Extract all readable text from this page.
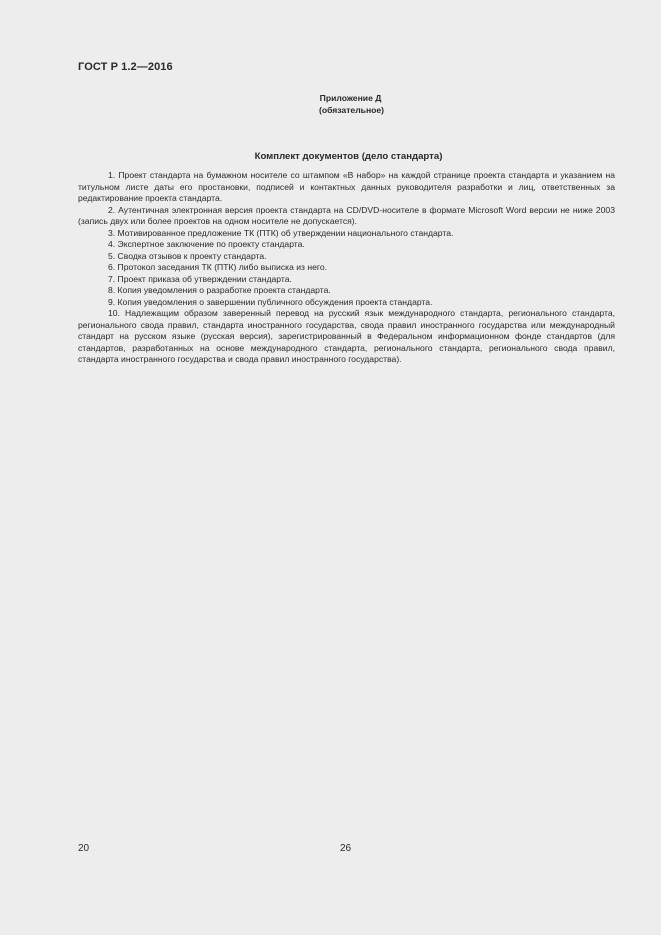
ГОСТ Р 1.2—2016
Приложение Д
(обязательное)
Комплект документов (дело стандарта)

1. Проект стандарта на бумажном носителе со штампом «В набор» на каждой странице проекта стандарта и указанием на титульном листе даты его простановки, подписей и контактных данных руководителя разработки и лиц, ответственных за редактирование проекта стандарта.

2. Аутентичная электронная версия проекта стандарта на CD/DVD-носителе в формате Microsoft Word версии не ниже 2003 (запись двух или более проектов на одном носителе не допускается).

3. Мотивированное предложение ТК (ПТК) об утверждении национального стандарта.

4. Экспертное заключение по проекту стандарта.

5. Сводка отзывов к проекту стандарта.

6. Протокол заседания ТК (ПТК) либо выписка из него.

7. Проект приказа об утверждении стандарта.

8. Копия уведомления о разработке проекта стандарта.

9. Копия уведомления о завершении публичного обсуждения проекта стандарта.

10. Надлежащим образом заверенный перевод на русский язык международного стандарта, регионального стандарта, регионального свода правил, стандарта иностранного государства, свода правил иностранного государства или международный стандарт на русском языке (русская версия), зарегистрированный в Федеральном информационном фонде стандартов (для стандартов, разработанных на основе международного стандарта, регионального стандарта, регионального свода правил, стандарта иностранного государства и свода правил иностранного государства).

20	26
